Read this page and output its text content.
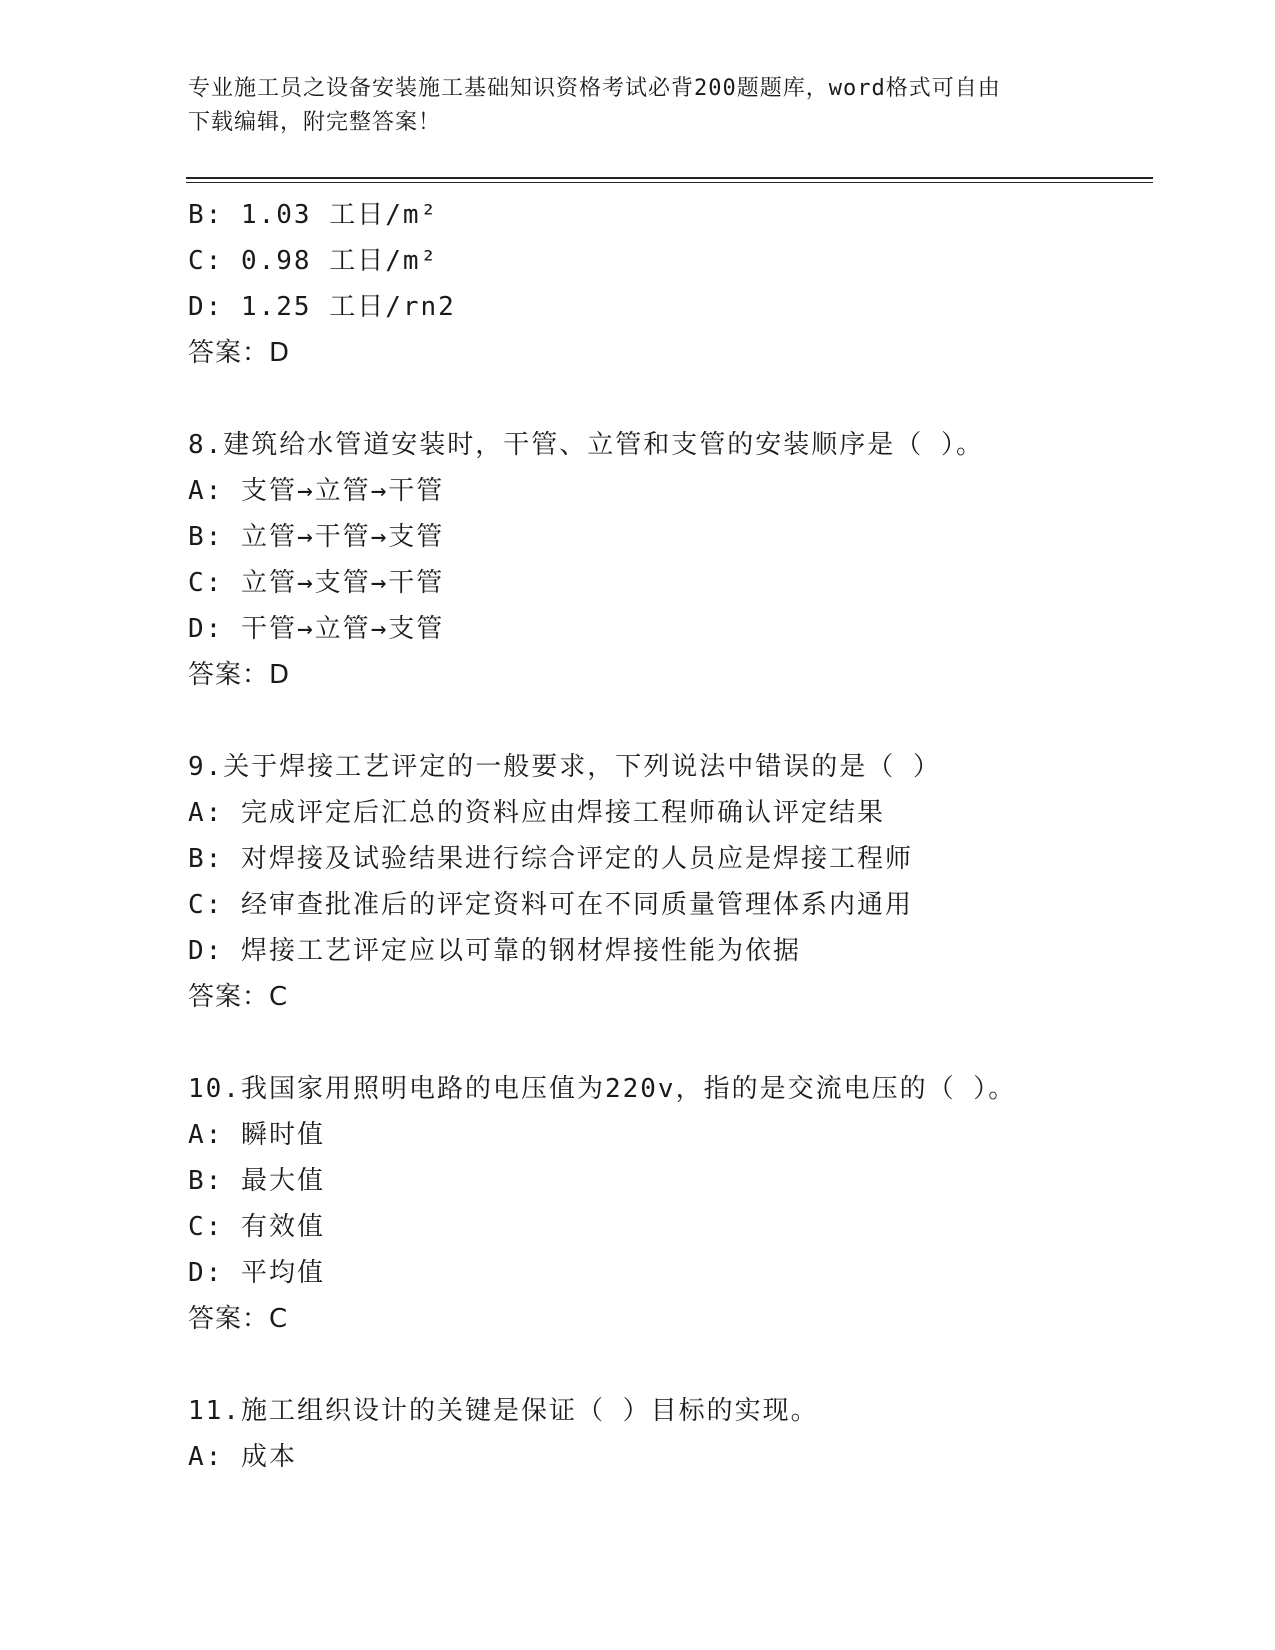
专业施工员之设备安装施工基础知识资格考试必背200题题库，word格式可自由
下载编辑，附完整答案！
B: 1.03 工日/m²
C: 0.98 工日/m²
D: 1.25 工日/rn2
答案：D
8.建筑给水管道安装时，干管、立管和支管的安装顺序是（ ）。
A: 支管→立管→干管
B: 立管→干管→支管
C: 立管→支管→干管
D: 干管→立管→支管
答案：D
9.关于焊接工艺评定的一般要求，下列说法中错误的是（ ）
A: 完成评定后汇总的资料应由焊接工程师确认评定结果
B: 对焊接及试验结果进行综合评定的人员应是焊接工程师
C: 经审查批准后的评定资料可在不同质量管理体系内通用
D: 焊接工艺评定应以可靠的钢材焊接性能为依据
答案：C
10.我国家用照明电路的电压值为220v，指的是交流电压的（ ）。
A: 瞬时值
B: 最大值
C: 有效值
D: 平均值
答案：C
11.施工组织设计的关键是保证（ ）目标的实现。
A: 成本
